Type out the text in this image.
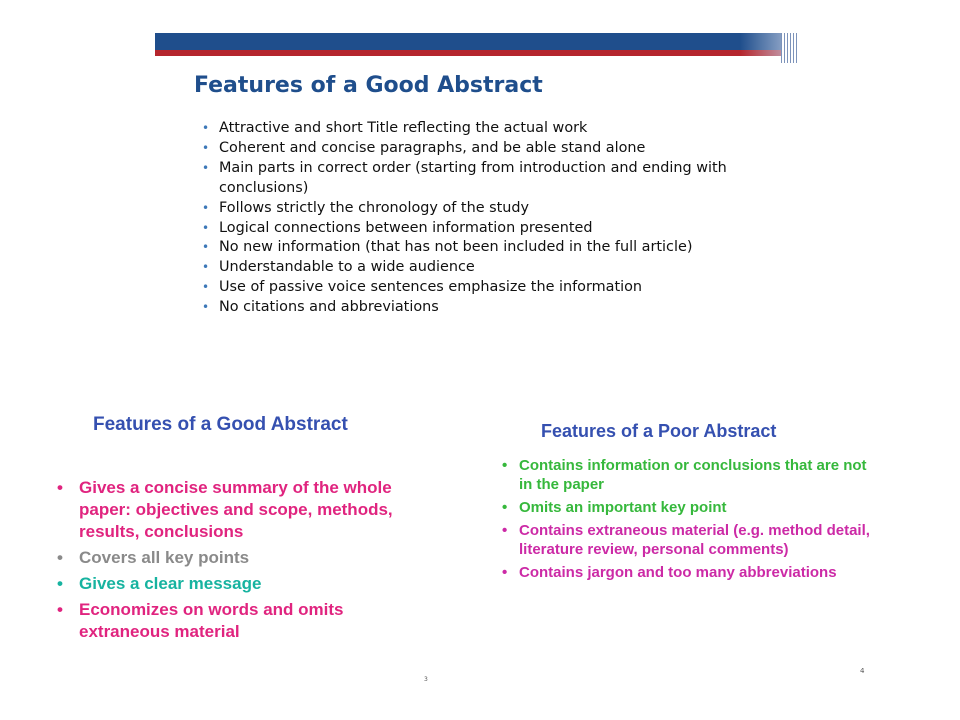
Features of a Good Abstract
• Attractive and short Title reflecting the actual work
• Coherent and concise paragraphs, and be able stand alone
• Main parts in correct order (starting from introduction and ending with conclusions)
• Follows strictly the chronology of the study
• Logical connections between information presented
• No new information (that has not been included in the full article)
• Understandable to a wide audience
• Use of passive voice sentences emphasize the information
• No citations and abbreviations
Features of a Good Abstract
• Gives a concise summary of the whole paper: objectives and scope, methods, results, conclusions
• Covers all key points
• Gives a clear message
• Economizes on words and omits extraneous material
Features of a Poor Abstract
• Contains information or conclusions that are not in the paper
• Omits an important key point
• Contains extraneous material (e.g. method detail, literature review, personal comments)
• Contains jargon and too many abbreviations
3
4
